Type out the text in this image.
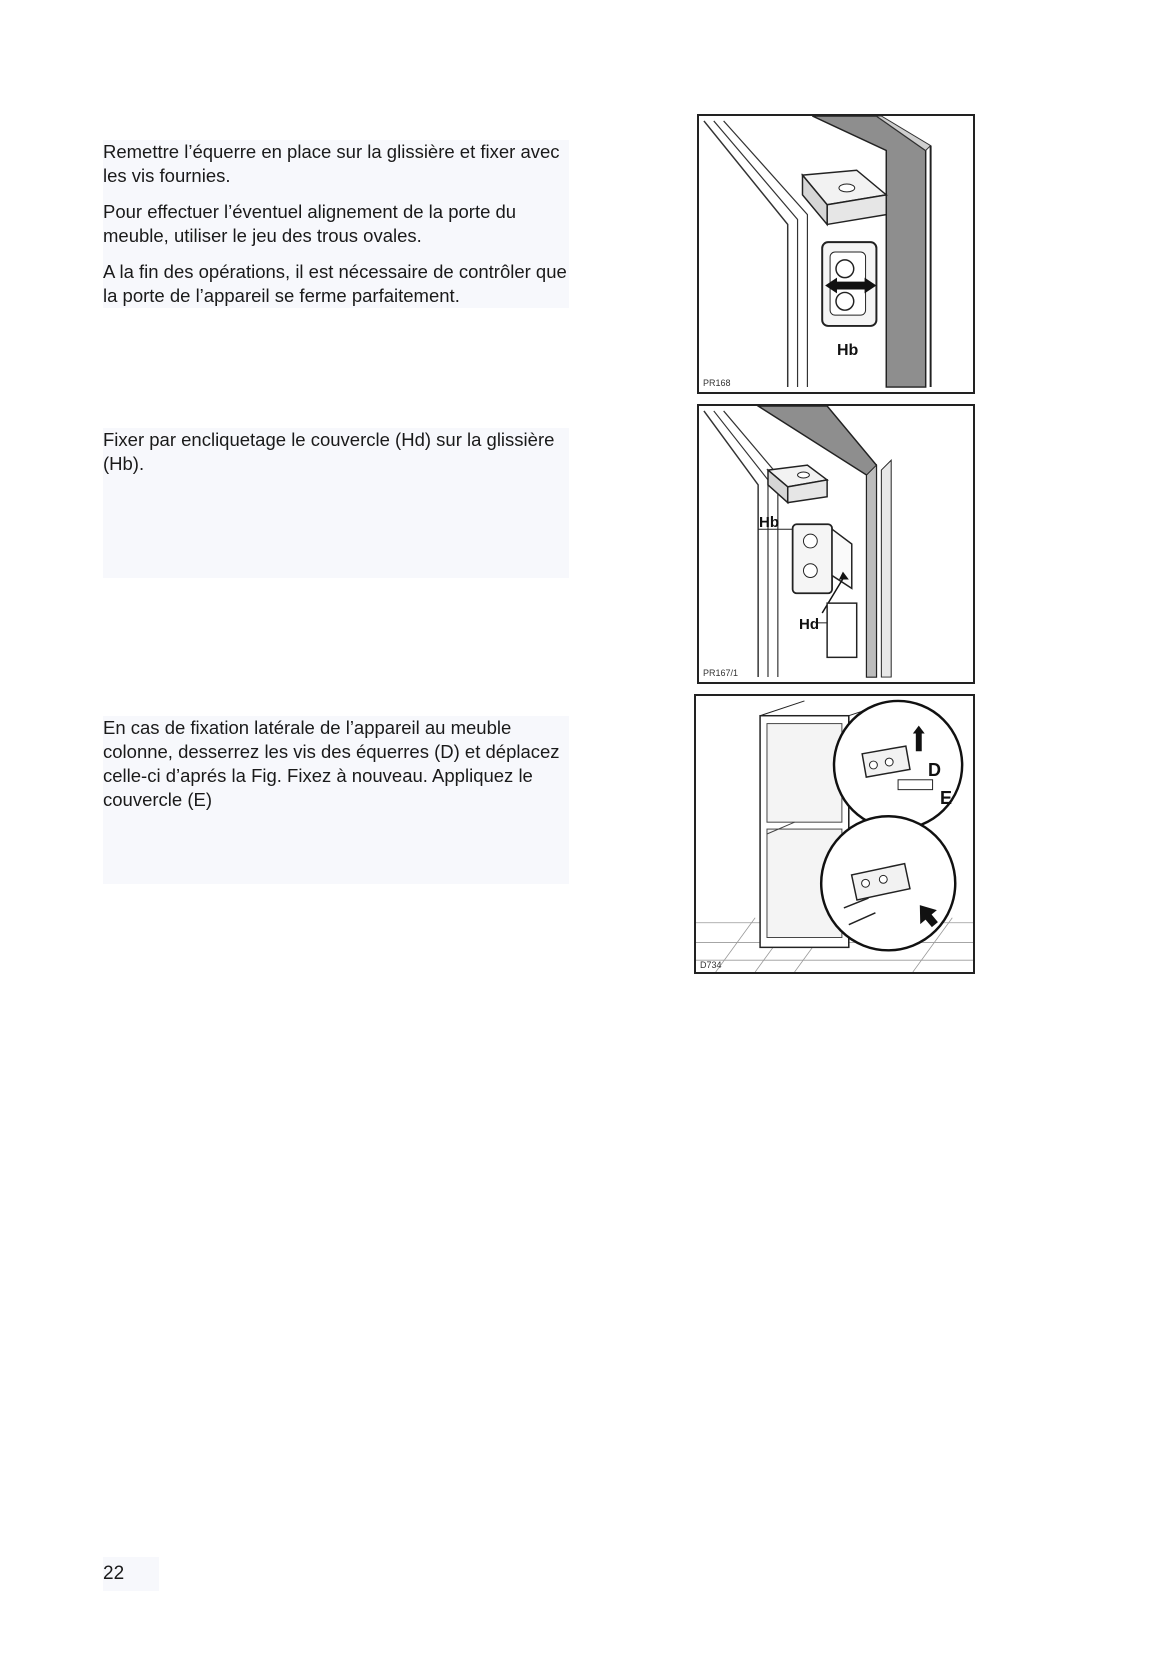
Remettre l’équerre en place sur la glissière et fixer avec les vis fournies.

Pour effectuer l’éventuel alignement de la porte du meuble, utiliser le jeu des trous ovales.

A la fin des opérations, il est nécessaire de contrôler que la porte de l’appareil se ferme parfaitement.

Fixer par encliquetage le couvercle (Hd) sur la glissière (Hb).

En cas de fixation latérale de l’appareil au meuble colonne, desserrez les vis des équerres (D) et déplacez celle-ci d’aprés la Fig. Fixez à nouveau. Appliquez le couvercle (E)

Hb
PR168
Hb
Hd
PR167/1
D
E
D734
22
